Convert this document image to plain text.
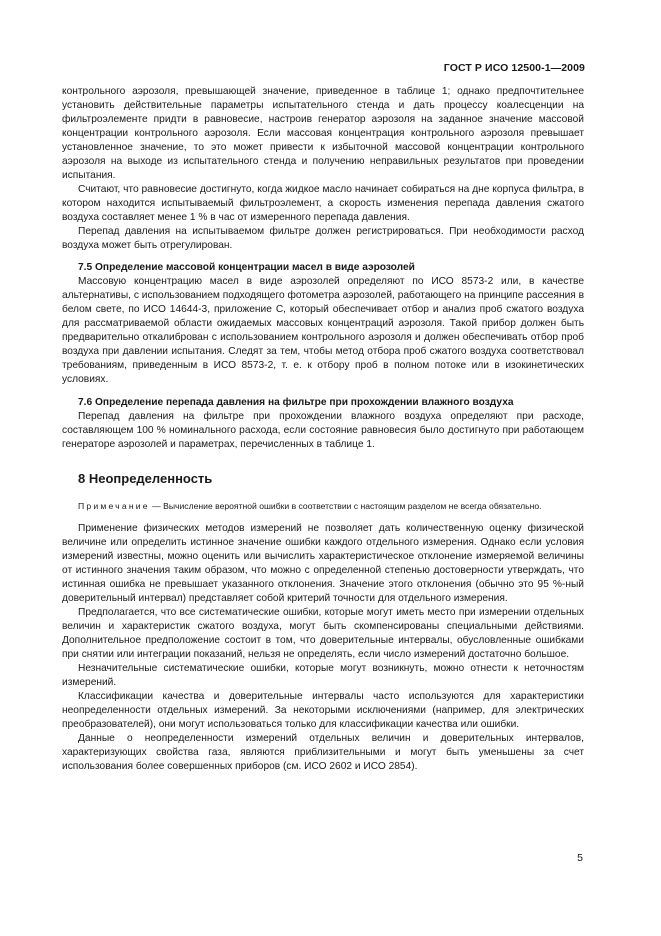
ГОСТ Р ИСО 12500-1—2009

контрольного аэрозоля, превышающей значение, приведенное в таблице 1; однако предпочтительнее установить действительные параметры испытательного стенда и дать процессу коалесценции на фильтроэлементе придти в равновесие, настроив генератор аэрозоля на заданное значение массовой концентрации контрольного аэрозоля. Если массовая концентрация контрольного аэрозоля превышает установленное значение, то это может привести к избыточной массовой концентрации контрольного аэрозоля на выходе из испытательного стенда и получению неправильных результатов при проведении испытания.

Считают, что равновесие достигнуто, когда жидкое масло начинает собираться на дне корпуса фильтра, в котором находится испытываемый фильтроэлемент, а скорость изменения перепада давления сжатого воздуха составляет менее 1 % в час от измеренного перепада давления.

Перепад давления на испытываемом фильтре должен регистрироваться. При необходимости расход воздуха может быть отрегулирован.

7.5 Определение массовой концентрации масел в виде аэрозолей

Массовую концентрацию масел в виде аэрозолей определяют по ИСО 8573-2 или, в качестве альтернативы, с использованием подходящего фотометра аэрозолей, работающего на принципе рассеяния в белом свете, по ИСО 14644-3, приложение С, который обеспечивает отбор и анализ проб сжатого воздуха для рассматриваемой области ожидаемых массовых концентраций аэрозоля. Такой прибор должен быть предварительно откалиброван с использованием контрольного аэрозоля и должен обеспечивать отбор проб воздуха при давлении испытания. Следят за тем, чтобы метод отбора проб сжатого воздуха соответствовал требованиям, приведенным в ИСО 8573-2, т. е. к отбору проб в полном потоке или в изокинетических условиях.

7.6 Определение перепада давления на фильтре при прохождении влажного воздуха

Перепад давления на фильтре при прохождении влажного воздуха определяют при расходе, составляющем 100 % номинального расхода, если состояние равновесия было достигнуто при работающем генераторе аэрозолей и параметрах, перечисленных в таблице 1.

8 Неопределенность

Примечание — Вычисление вероятной ошибки в соответствии с настоящим разделом не всегда обязательно.

Применение физических методов измерений не позволяет дать количественную оценку физической величине или определить истинное значение ошибки каждого отдельного измерения. Однако если условия измерений известны, можно оценить или вычислить характеристическое отклонение измеряемой величины от истинного значения таким образом, что можно с определенной степенью достоверности утверждать, что истинная ошибка не превышает указанного отклонения. Значение этого отклонения (обычно это 95 %-ный доверительный интервал) представляет собой критерий точности для отдельного измерения.

Предполагается, что все систематические ошибки, которые могут иметь место при измерении отдельных величин и характеристик сжатого воздуха, могут быть скомпенсированы специальными действиями. Дополнительное предположение состоит в том, что доверительные интервалы, обусловленные ошибками при снятии или интеграции показаний, нельзя не определять, если число измерений достаточно большое.

Незначительные систематические ошибки, которые могут возникнуть, можно отнести к неточностям измерений.

Классификации качества и доверительные интервалы часто используются для характеристики неопределенности отдельных измерений. За некоторыми исключениями (например, для электрических преобразователей), они могут использоваться только для классификации качества или ошибки.

Данные о неопределенности измерений отдельных величин и доверительных интервалов, характеризующих свойства газа, являются приблизительными и могут быть уменьшены за счет использования более совершенных приборов (см. ИСО 2602 и ИСО 2854).

5
